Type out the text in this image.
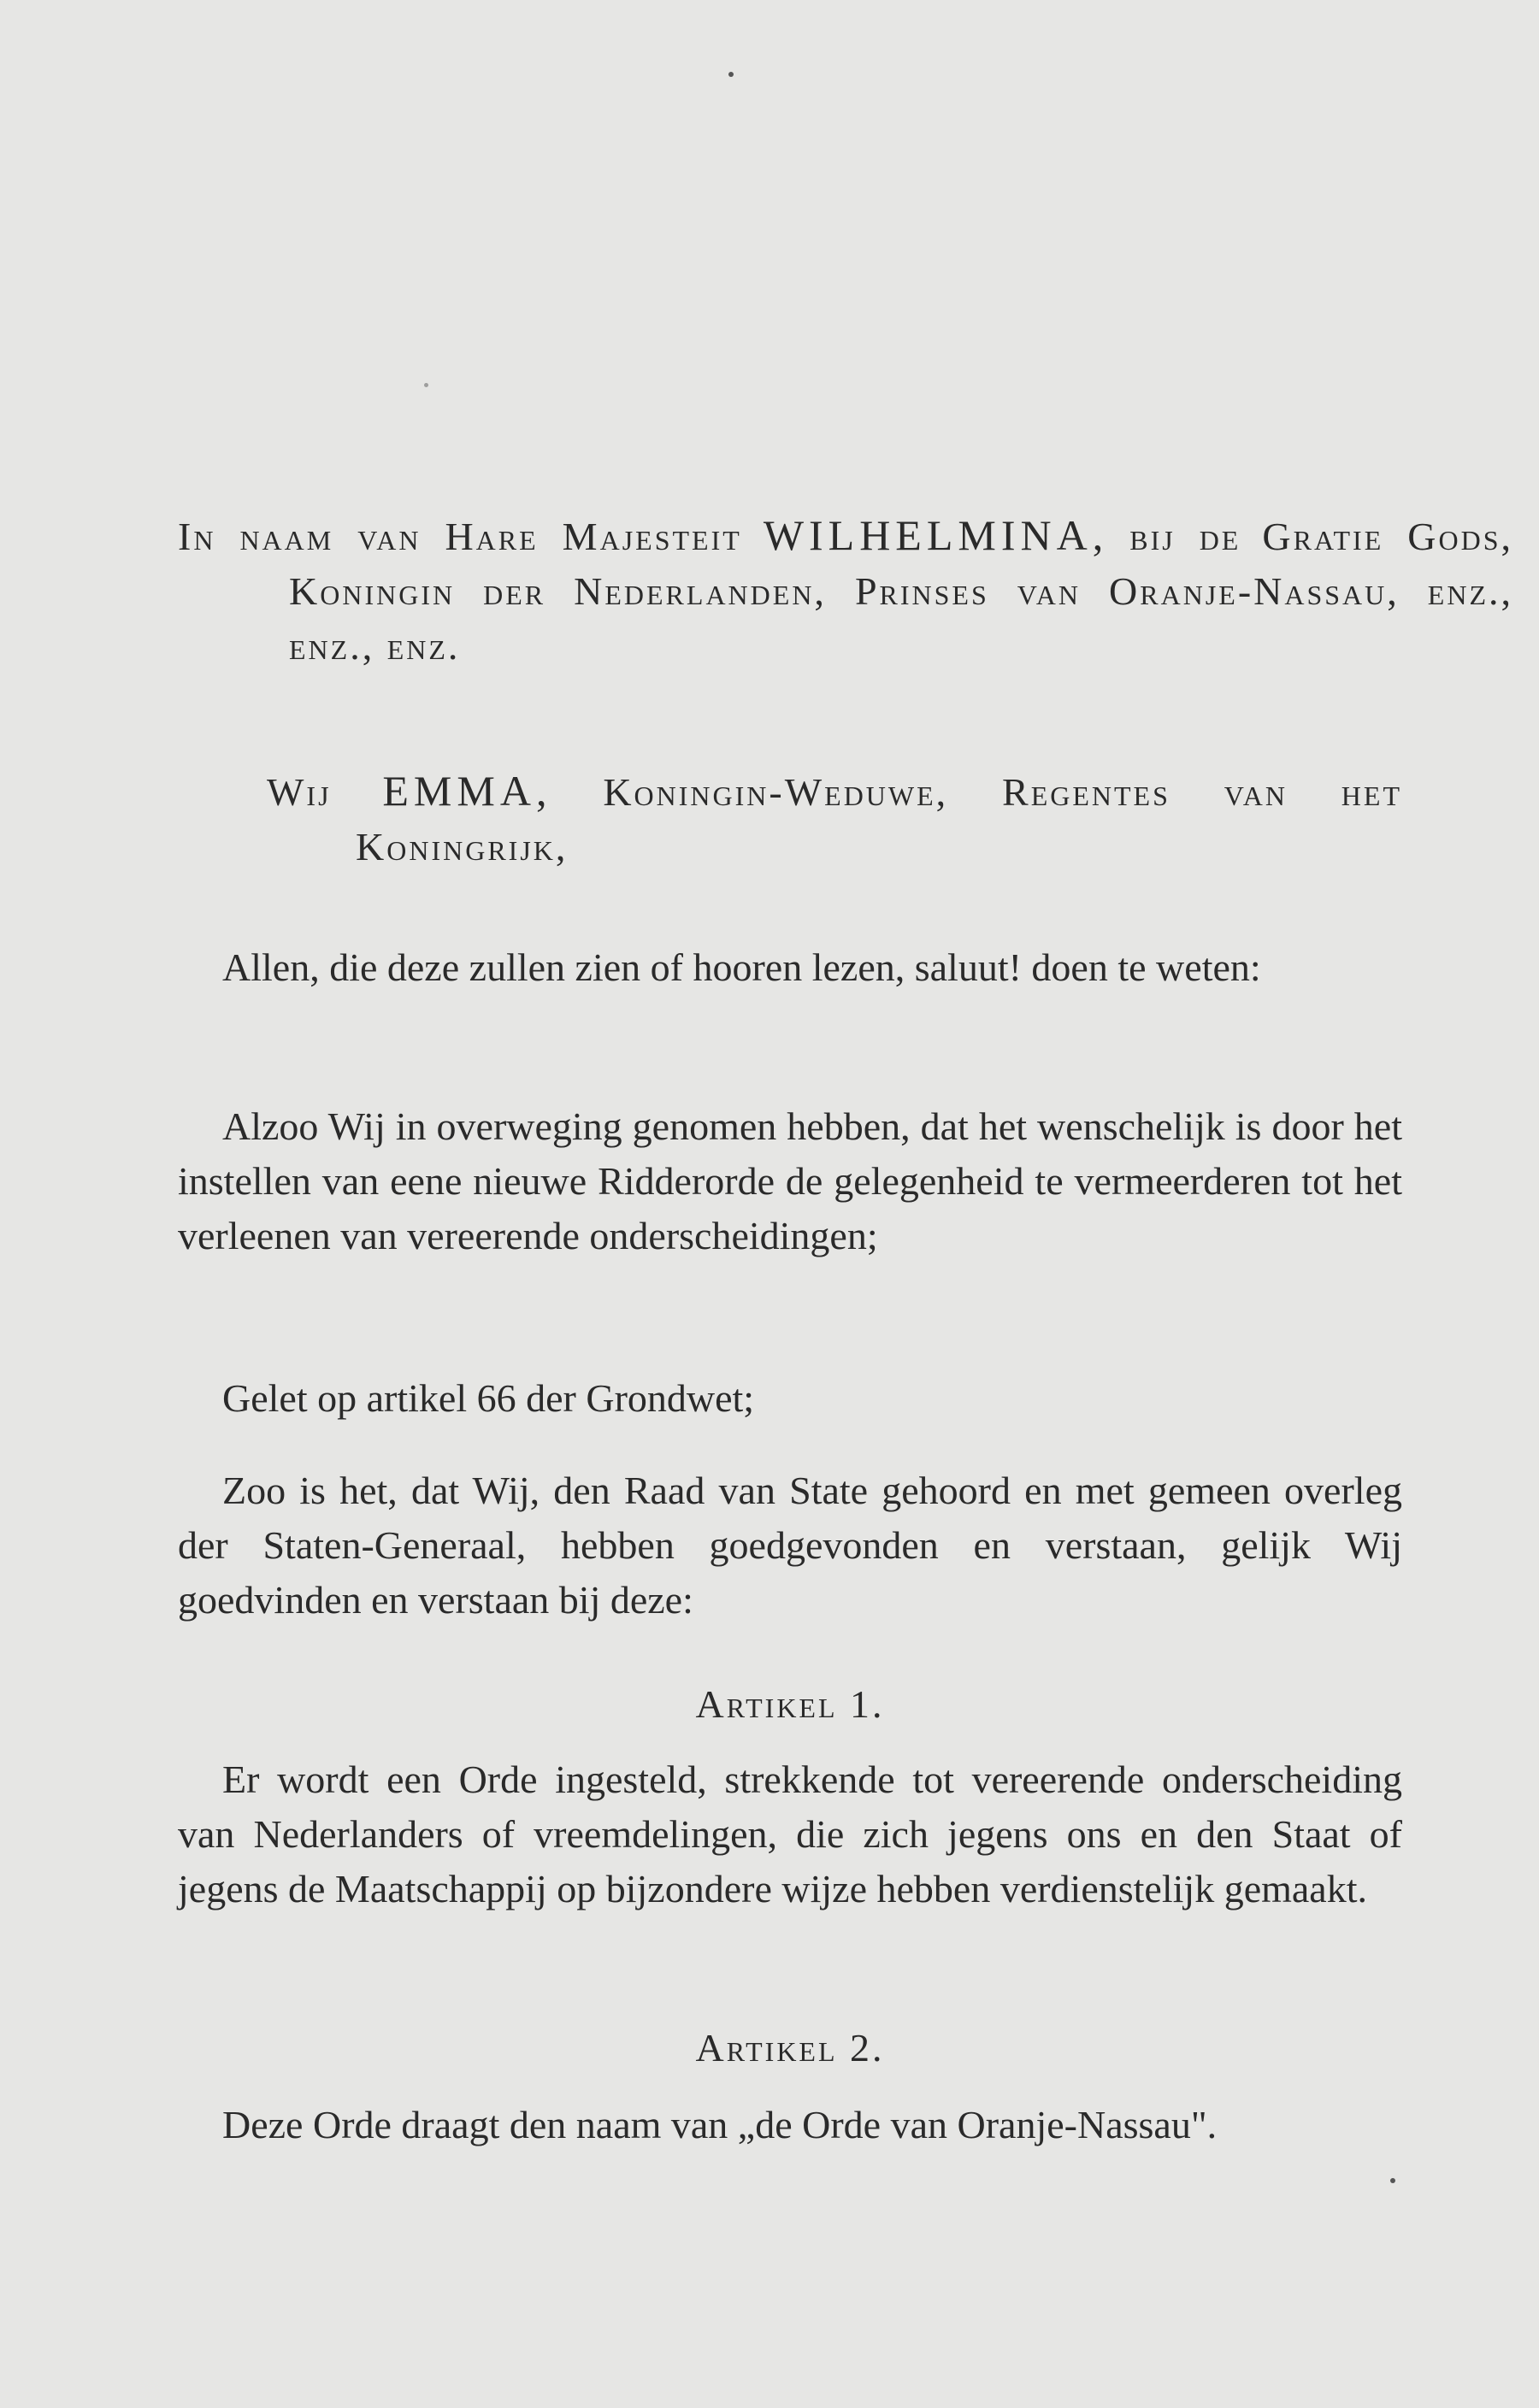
In naam van Hare Majesteit WILHELMINA, bij de Gratie Gods, Koningin der Nederlanden, Prinses van Oranje-Nassau, enz., enz., enz.

Wij EMMA, Koningin-Weduwe, Regentes van het Koningrijk,

Allen, die deze zullen zien of hooren lezen, saluut! doen te weten:

Alzoo Wij in overweging genomen hebben, dat het wenschelijk is door het instellen van eene nieuwe Ridderorde de gelegenheid te vermeerderen tot het verleenen van vereerende onderscheidingen;

Gelet op artikel 66 der Grondwet;

Zoo is het, dat Wij, den Raad van State gehoord en met gemeen overleg der Staten-Generaal, hebben goedgevonden en verstaan, gelijk Wij goedvinden en verstaan bij deze:

Artikel 1.

Er wordt een Orde ingesteld, strekkende tot vereerende onderscheiding van Nederlanders of vreemdelingen, die zich jegens ons en den Staat of jegens de Maatschappij op bijzondere wijze hebben verdienstelijk gemaakt.

Artikel 2.

Deze Orde draagt den naam van „de Orde van Oranje-Nassau".
